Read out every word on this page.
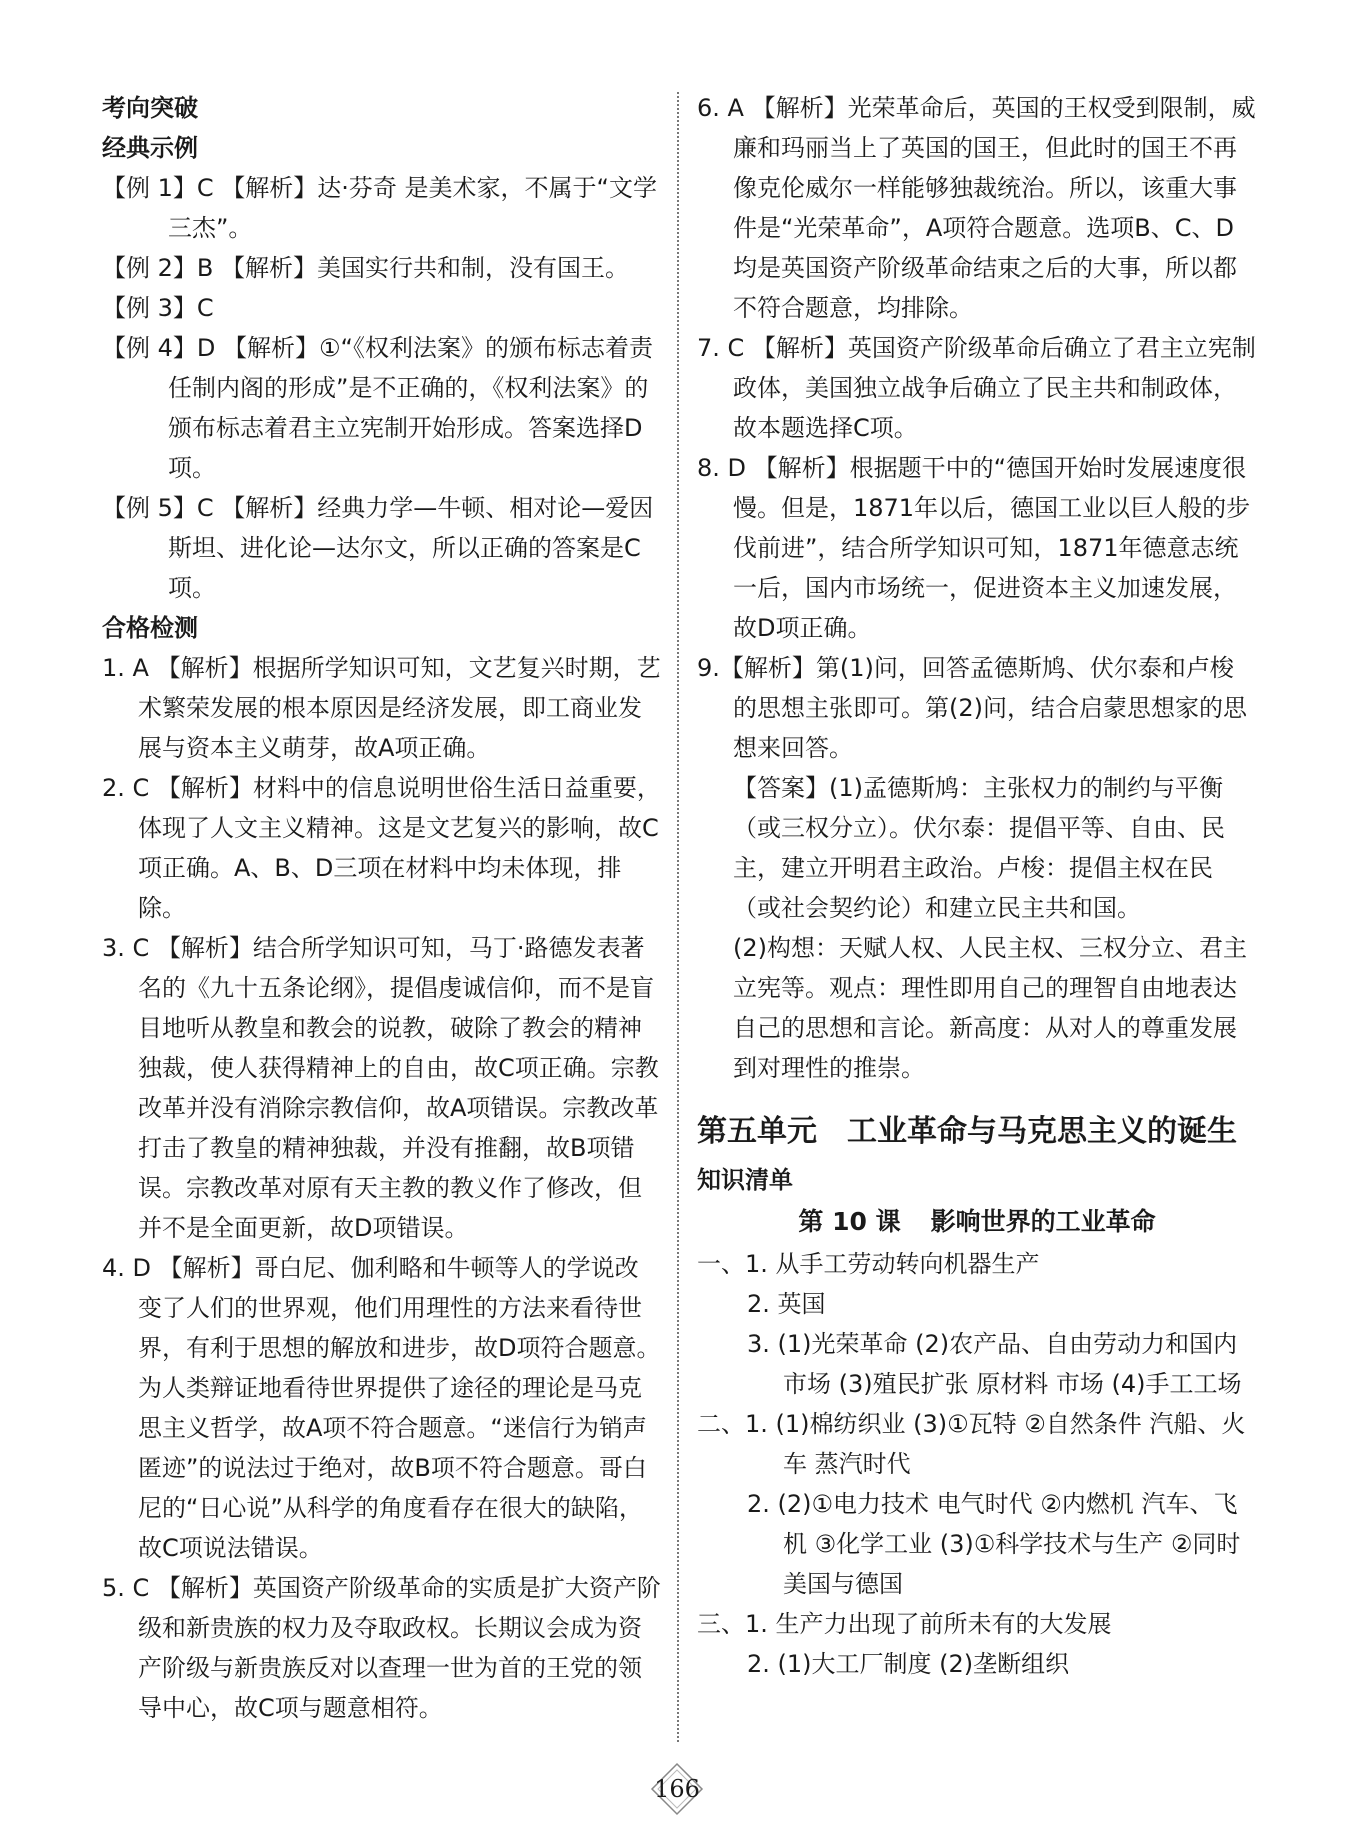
考向突破
经典示例
【例 1】C 【解析】达·芬奇 是美术家，不属于“文学三杰”。
【例 2】B 【解析】美国实行共和制，没有国王。
【例 3】C
【例 4】D 【解析】①“《权利法案》的颁布标志着责任制内阁的形成”是不正确的，《权利法案》的颁布标志着君主立宪制开始形成。答案选择D项。
【例 5】C 【解析】经典力学—牛顿、相对论—爱因斯坦、进化论—达尔文，所以正确的答案是C项。
合格检测
1. A 【解析】根据所学知识可知，文艺复兴时期，艺术繁荣发展的根本原因是经济发展，即工商业发展与资本主义萌芽，故A项正确。
2. C 【解析】材料中的信息说明世俗生活日益重要，体现了人文主义精神。这是文艺复兴的影响，故C项正确。A、B、D三项在材料中均未体现，排除。
3. C 【解析】结合所学知识可知，马丁·路德发表著名的《九十五条论纲》，提倡虔诚信仰，而不是盲目地听从教皇和教会的说教，破除了教会的精神独裁，使人获得精神上的自由，故C项正确。宗教改革并没有消除宗教信仰，故A项错误。宗教改革打击了教皇的精神独裁，并没有推翻，故B项错误。宗教改革对原有天主教的教义作了修改，但并不是全面更新，故D项错误。
4. D 【解析】哥白尼、伽利略和牛顿等人的学说改变了人们的世界观，他们用理性的方法来看待世界，有利于思想的解放和进步，故D项符合题意。为人类辩证地看待世界提供了途径的理论是马克思主义哲学，故A项不符合题意。“迷信行为销声匿迹”的说法过于绝对，故B项不符合题意。哥白尼的“日心说”从科学的角度看存在很大的缺陷，故C项说法错误。
5. C 【解析】英国资产阶级革命的实质是扩大资产阶级和新贵族的权力及夺取政权。长期议会成为资产阶级与新贵族反对以查理一世为首的王党的领导中心，故C项与题意相符。
6. A 【解析】光荣革命后，英国的王权受到限制，威廉和玛丽当上了英国的国王，但此时的国王不再像克伦威尔一样能够独裁统治。所以，该重大事件是“光荣革命”，A项符合题意。选项B、C、D均是英国资产阶级革命结束之后的大事，所以都不符合题意，均排除。
7. C 【解析】英国资产阶级革命后确立了君主立宪制政体，美国独立战争后确立了民主共和制政体，故本题选择C项。
8. D 【解析】根据题干中的“德国开始时发展速度很慢。但是，1871年以后，德国工业以巨人般的步伐前进”，结合所学知识可知，1871年德意志统一后，国内市场统一，促进资本主义加速发展，故D项正确。
9.【解析】第(1)问，回答孟德斯鸠、伏尔泰和卢梭的思想主张即可。第(2)问，结合启蒙思想家的思想来回答。
【答案】(1)孟德斯鸠：主张权力的制约与平衡（或三权分立）。伏尔泰：提倡平等、自由、民主，建立开明君主政治。卢梭：提倡主权在民（或社会契约论）和建立民主共和国。
(2)构想：天赋人权、人民主权、三权分立、君主立宪等。观点：理性即用自己的理智自由地表达自己的思想和言论。新高度：从对人的尊重发展到对理性的推崇。
第五单元 工业革命与马克思主义的诞生
知识清单
第 10 课 影响世界的工业革命
一、1. 从手工劳动转向机器生产
2. 英国
3. (1)光荣革命 (2)农产品、自由劳动力和国内市场 (3)殖民扩张 原材料 市场 (4)手工工场
二、1. (1)棉纺织业 (3)①瓦特 ②自然条件 汽船、火车 蒸汽时代
2. (2)①电力技术 电气时代 ②内燃机 汽车、飞机 ③化学工业 (3)①科学技术与生产 ②同时 美国与德国
三、1. 生产力出现了前所未有的大发展
2. (1)大工厂制度 (2)垄断组织
166
